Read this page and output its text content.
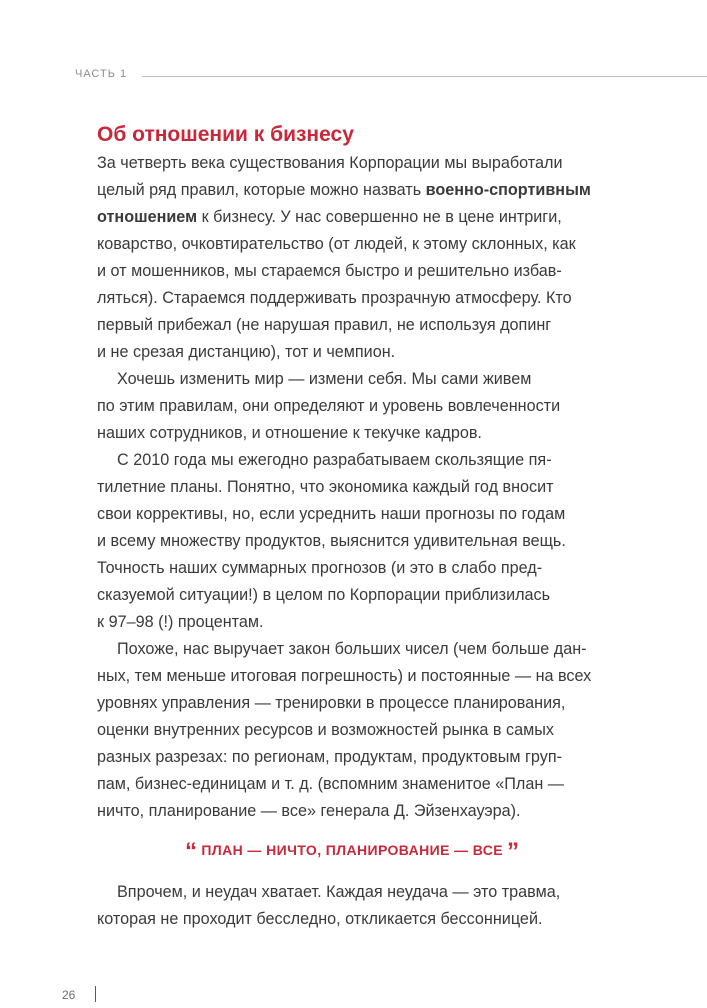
ЧАСТЬ 1
Об отношении к бизнесу

За четверть века существования Корпорации мы выработали
целый ряд правил, которые можно назвать военно-спортивным
отношением к бизнесу. У нас совершенно не в цене интриги,
коварство, очковтирательство (от людей, к этому склонных, как
и от мошенников, мы стараемся быстро и решительно избав-
ляться). Стараемся поддерживать прозрачную атмосферу. Кто
первый прибежал (не нарушая правил, не используя допинг
и не срезая дистанцию), тот и чемпион.

Хочешь изменить мир — измени себя. Мы сами живем
по этим правилам, они определяют и уровень вовлеченности
наших сотрудников, и отношение к текучке кадров.

С 2010 года мы ежегодно разрабатываем скользящие пя-
тилетние планы. Понятно, что экономика каждый год вносит
свои коррективы, но, если усреднить наши прогнозы по годам
и всему множеству продуктов, выяснится удивительная вещь.
Точность наших суммарных прогнозов (и это в слабо пред-
сказуемой ситуации!) в целом по Корпорации приблизилась
к 97–98 (!) процентам.

Похоже, нас выручает закон больших чисел (чем больше дан-
ных, тем меньше итоговая погрешность) и постоянные — на всех
уровнях управления — тренировки в процессе планирования,
оценки внутренних ресурсов и возможностей рынка в самых
разных разрезах: по регионам, продуктам, продуктовым груп-
пам, бизнес-единицам и т. д. (вспомним знаменитое «План —
ничто, планирование — все» генерала Д. Эйзенхауэра).

“ ПЛАН — НИЧТО, ПЛАНИРОВАНИЕ — ВСЕ ”

Впрочем, и неудач хватает. Каждая неудача — это травма,
которая не проходит бесследно, откликается бессонницей.

26
